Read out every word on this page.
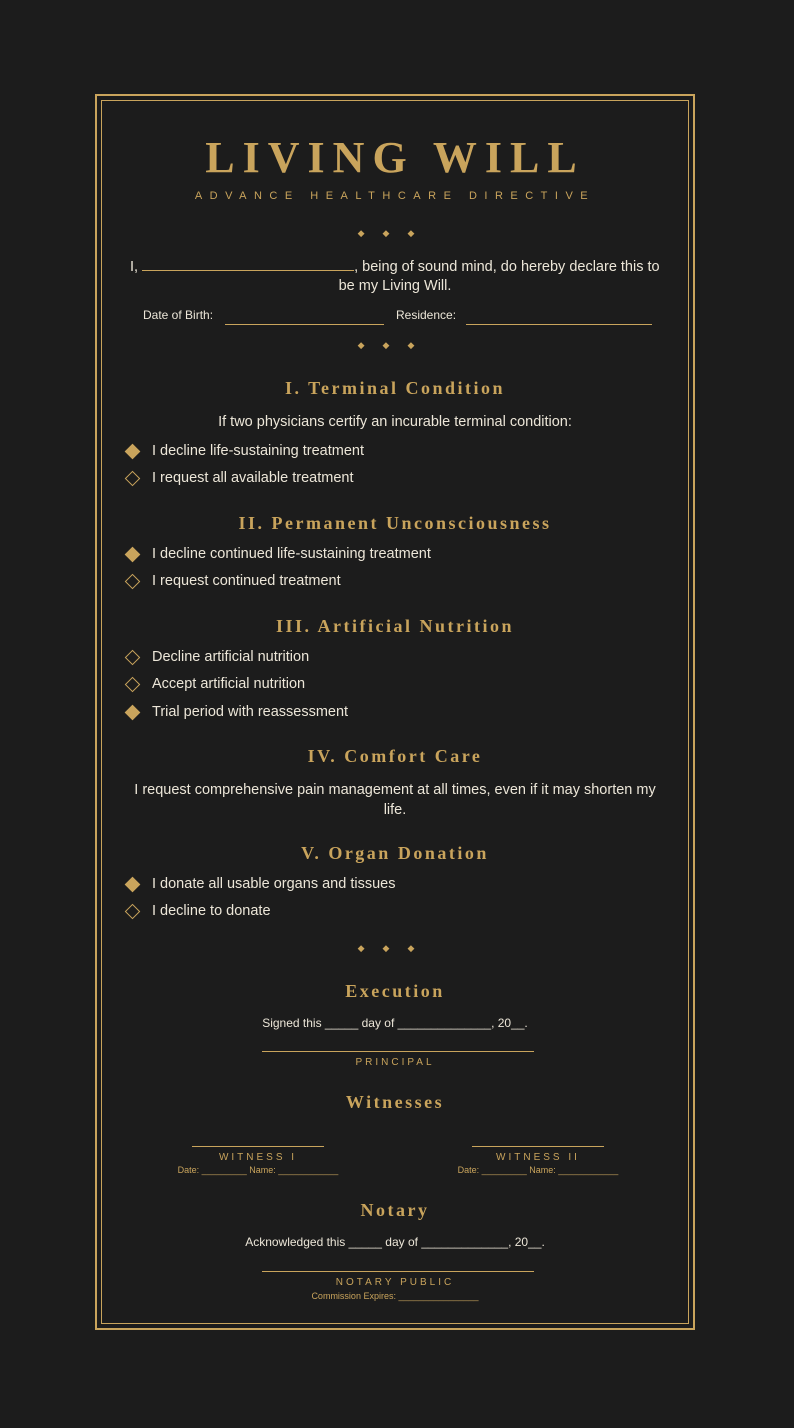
LIVING WILL
ADVANCE HEALTHCARE DIRECTIVE
◆◆◆
I,	, being of sound mind, do hereby declare this to
be my Living Will.
Date of Birth:	Residence:
◆◆◆
I. Terminal Condition
If two physicians certify an incurable terminal condition:
I decline life-sustaining treatment
I request all available treatment
II. Permanent Unconsciousness
I decline continued life-sustaining treatment
I request continued treatment
III. Artificial Nutrition
Decline artificial nutrition
Accept artificial nutrition
Trial period with reassessment
IV. Comfort Care
I request comprehensive pain management at all times, even if it may shorten my
life.
V. Organ Donation
I donate all usable organs and tissues
I decline to donate
◆◆◆
Execution
Signed this _____ day of ______________, 20__.
PRINCIPAL
Witnesses
WITNESS I
Date: _________ Name: ____________
WITNESS II
Date: _________ Name: ____________
Notary
Acknowledged this _____ day of _____________, 20__.
NOTARY PUBLIC
Commission Expires: ________________
